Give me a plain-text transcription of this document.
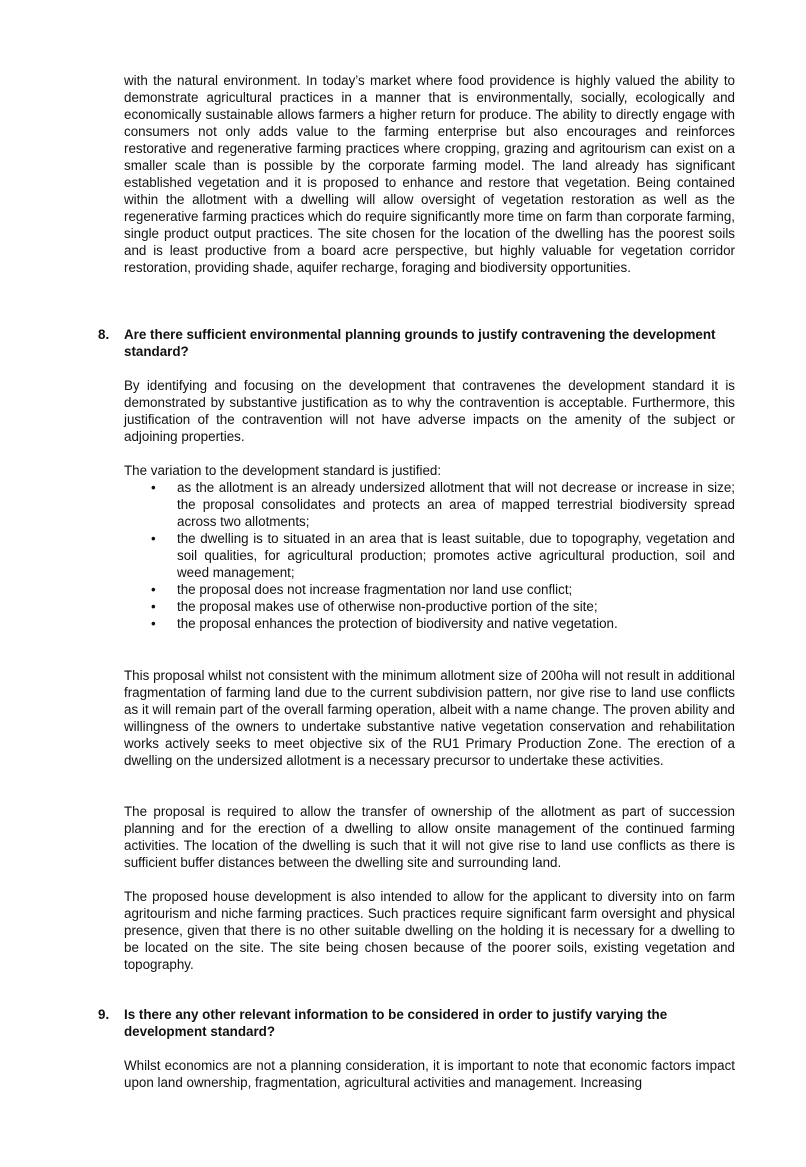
with the natural environment. In today’s market where food providence is highly valued the ability to demonstrate agricultural practices in a manner that is environmentally, socially, ecologically and economically sustainable allows farmers a higher return for produce. The ability to directly engage with consumers not only adds value to the farming enterprise but also encourages and reinforces restorative and regenerative farming practices where cropping, grazing and agritourism can exist on a smaller scale than is possible by the corporate farming model. The land already has significant established vegetation and it is proposed to enhance and restore that vegetation. Being contained within the allotment with a dwelling will allow oversight of vegetation restoration as well as the regenerative farming practices which do require significantly more time on farm than corporate farming, single product output practices. The site chosen for the location of the dwelling has the poorest soils and is least productive from a board acre perspective, but highly valuable for vegetation corridor restoration, providing shade, aquifer recharge, foraging and biodiversity opportunities.

8. Are there sufficient environmental planning grounds to justify contravening the development standard?

By identifying and focusing on the development that contravenes the development standard it is demonstrated by substantive justification as to why the contravention is acceptable. Furthermore, this justification of the contravention will not have adverse impacts on the amenity of the subject or adjoining properties.

The variation to the development standard is justified:

• as the allotment is an already undersized allotment that will not decrease or increase in size; the proposal consolidates and protects an area of mapped terrestrial biodiversity spread across two allotments;
• the dwelling is to situated in an area that is least suitable, due to topography, vegetation and soil qualities, for agricultural production; promotes active agricultural production, soil and weed management;
• the proposal does not increase fragmentation nor land use conflict;
• the proposal makes use of otherwise non-productive portion of the site;
• the proposal enhances the protection of biodiversity and native vegetation.

This proposal whilst not consistent with the minimum allotment size of 200ha will not result in additional fragmentation of farming land due to the current subdivision pattern, nor give rise to land use conflicts as it will remain part of the overall farming operation, albeit with a name change. The proven ability and willingness of the owners to undertake substantive native vegetation conservation and rehabilitation works actively seeks to meet objective six of the RU1 Primary Production Zone. The erection of a dwelling on the undersized allotment is a necessary precursor to undertake these activities.

The proposal is required to allow the transfer of ownership of the allotment as part of succession planning and for the erection of a dwelling to allow onsite management of the continued farming activities. The location of the dwelling is such that it will not give rise to land use conflicts as there is sufficient buffer distances between the dwelling site and surrounding land.

The proposed house development is also intended to allow for the applicant to diversity into on farm agritourism and niche farming practices. Such practices require significant farm oversight and physical presence, given that there is no other suitable dwelling on the holding it is necessary for a dwelling to be located on the site. The site being chosen because of the poorer soils, existing vegetation and topography.

9. Is there any other relevant information to be considered in order to justify varying the development standard?

Whilst economics are not a planning consideration, it is important to note that economic factors impact upon land ownership, fragmentation, agricultural activities and management. Increasing
